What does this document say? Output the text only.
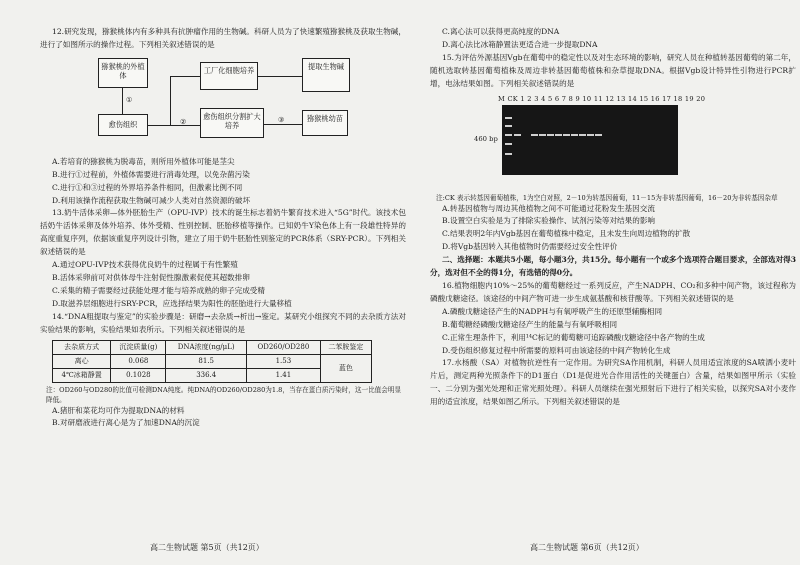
12.研究发现，猕猴桃体内有多种具有抗肿瘤作用的生物碱。科研人员为了快速繁殖猕猴桃及获取生物碱，进行了如图所示的操作过程。下列相关叙述错误的是

猕猴桃的外植体
愈伤组织
工厂化细胞培养	提取生物碱
愈伤组织分割扩大培养
猕猴桃幼苗
①
②	③

A.若培育的猕猴桃为脱毒苗，则所用外植体可能是茎尖

B.进行①过程前，外植体需要进行消毒处理，以免杂菌污染

C.进行①和③过程的外界培养条件相同，但激素比例不同

D.利用该操作流程获取生物碱可减少人类对自然资源的破坏

13.奶牛活体采卵—体外胚胎生产（OPU-IVP）技术的诞生标志着奶牛繁育技术进入“5G”时代。该技术包括奶牛活体采卵及体外培养、体外受精、性别控制、胚胎移植等操作。已知奶牛Y染色体上有一段雄性特异的高度重复序列，依据该重复序列设计引物，建立了用于奶牛胚胎性别鉴定的PCR体系（SRY-PCR）。下列相关叙述错误的是

A.通过OPU-IVP技术获得优良奶牛的过程属于有性繁殖

B.活体采卵前可对供体母牛注射促性腺激素促使其超数排卵

C.采集的精子需要经过获能处理才能与培养成熟的卵子完成受精

D.取滋养层细胞进行SRY-PCR，应选择结果为阳性的胚胎进行大量移植

14.“DNA粗提取与鉴定”的实验步骤是：研磨→去杂质→析出→鉴定。某研究小组探究不同的去杂质方法对实验结果的影响，实验结果如表所示。下列相关叙述错误的是

去杂质方式	沉淀质量(g)	DNA浓度(ng/μL)	OD260/OD280	二苯胺鉴定
离心	0.068	81.5	1.53	蓝色
4℃冰箱静置	0.1028	336.4	1.41	

注：OD260与OD280的比值可检测DNA纯度。纯DNA的OD260/OD280为1.8，当存在蛋白质污染时，这一比值会明显降低。

A.猪肝和菜花均可作为提取DNA的材料

B.对研磨液进行离心是为了加速DNA的沉淀

C.离心法可以获得更高纯度的DNA

D.离心法比冰箱静置法更适合进一步提取DNA

15.为评估外源基因Vgb在葡萄中的稳定性以及对生态环境的影响，研究人员在种植转基因葡萄的第二年，随机选取转基因葡萄植株及周边非转基因葡萄植株和杂草提取DNA。根据Vgb设计特异性引物进行PCR扩增，电泳结果如图。下列相关叙述错误的是

M CK 1 2 3 4 5 6 7 8 9 10 11 12 13 14 15 16 17 18 19 20
460 bp

注:CK 表示转基因葡萄植株，1为空白对照，2－10为转基因葡萄，11－15为非转基因葡萄，16－20为非转基因杂草

A.转基因植物与周边其他植物之间不可能通过花粉发生基因交流

B.设置空白实验是为了排除实验操作、试剂污染等对结果的影响

C.结果表明2年内Vgb基因在葡萄植株中稳定，且未发生向周边植物的扩散

D.将Vgb基因转入其他植物时仍需要经过安全性评价

二、选择题：本题共5小题，每小题3分，共15分。每小题有一个或多个选项符合题目要求，全部选对得3分，选对但不全的得1分，有选错的得0分。

16.植物细胞内10%～25%的葡萄糖经过一系列反应，产生NADPH、CO₂和多种中间产物，该过程称为磷酸戊糖途径。该途径的中间产物可进一步生成氨基酸和核苷酸等。下列相关叙述错误的是

A.磷酸戊糖途径产生的NADPH与有氧呼吸产生的还原型辅酶相同

B.葡萄糖经磷酸戊糖途径产生的能量与有氧呼吸相同

C.正常生理条件下，利用¹⁴C标记的葡萄糖可追踪磷酸戊糖途径中各产物的生成

D.受伤组织修复过程中所需要的原料可由该途径的中间产物转化生成

17.水杨酸（SA）对植物抗逆性有一定作用。为研究SA作用机制，科研人员用适宜浓度的SA喷洒小麦叶片后，测定两种光照条件下的D1蛋白（D1是促进光合作用活性的关键蛋白）含量，结果如图甲所示（实验一、二分别为强光处理和正常光照处理）。科研人员继续在强光照射后下进行了相关实验，以探究SA对小麦作用的适宜浓度，结果如图乙所示。下列相关叙述错误的是

高二生物试题 第5页（共12页）	高二生物试题 第6页（共12页）
